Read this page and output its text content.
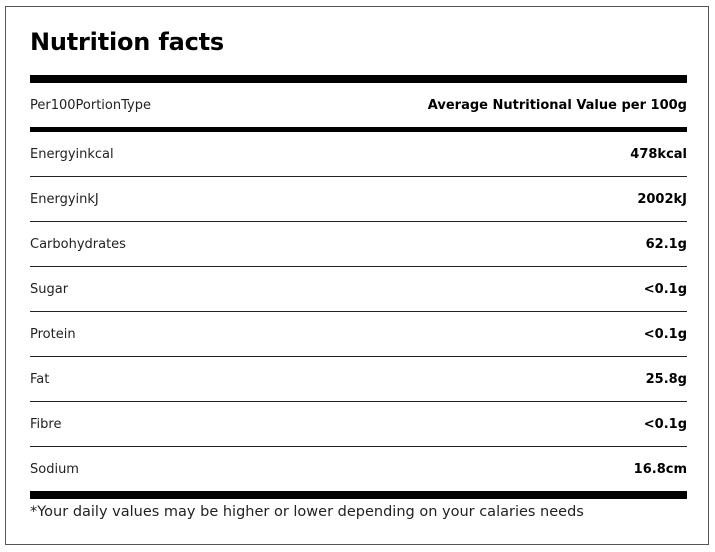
Nutrition facts
Per100PortionType	Average Nutritional Value per 100g
Energyinkcal	478kcal
EnergyinkJ	2002kJ
Carbohydrates	62.1g
Sugar	<0.1g
Protein	<0.1g
Fat	25.8g
Fibre	<0.1g
Sodium	16.8cm

*Your daily values may be higher or lower depending on your calaries needs
